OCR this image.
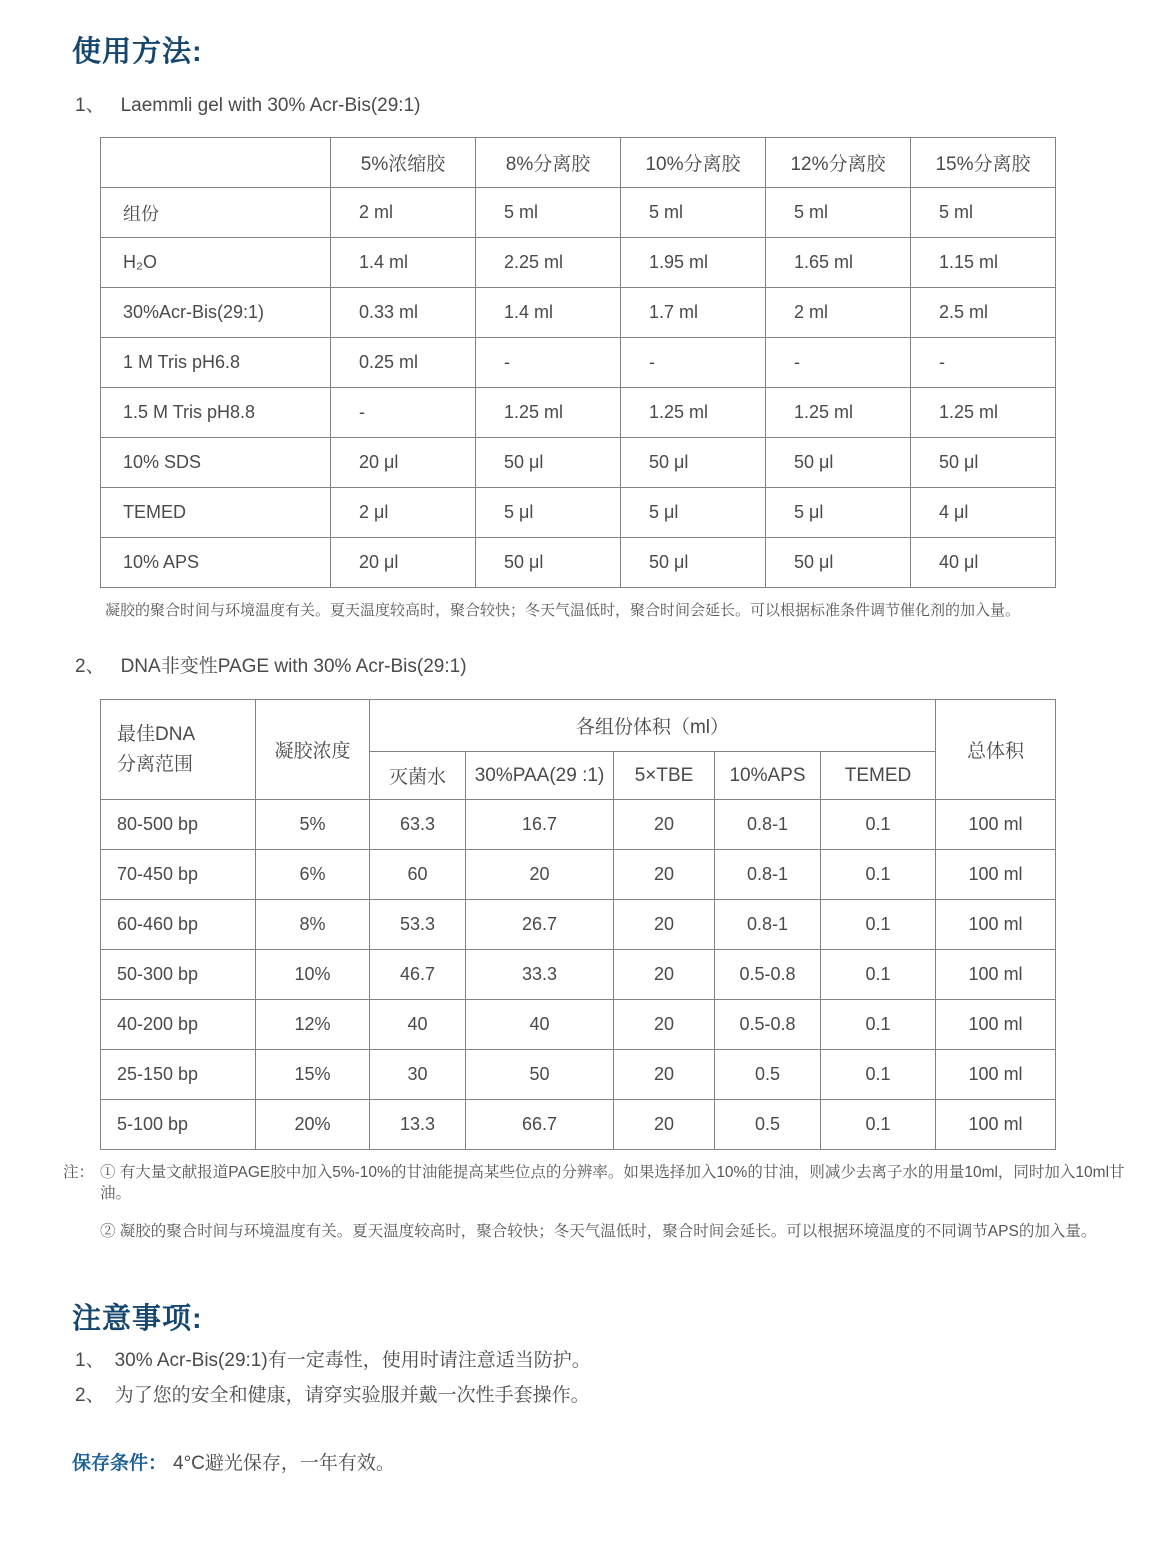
使用方法:
1、 Laemmli gel with 30% Acr-Bis(29:1)
	5%浓缩胶	8%分离胶	10%分离胶	12%分离胶	15%分离胶
组份	2 ml	5 ml	5 ml	5 ml	5 ml
H₂O	1.4 ml	2.25 ml	1.95 ml	1.65 ml	1.15 ml
30%Acr-Bis(29:1)	0.33 ml	1.4 ml	1.7 ml	2 ml	2.5 ml
1 M Tris pH6.8	0.25 ml	-	-	-	-
1.5 M Tris pH8.8	-	1.25 ml	1.25 ml	1.25 ml	1.25 ml
10% SDS	20 μl	50 μl	50 μl	50 μl	50 μl
TEMED	2 μl	5 μl	5 μl	5 μl	4 μl
10% APS	20 μl	50 μl	50 μl	50 μl	40 μl
凝胶的聚合时间与环境温度有关。夏天温度较高时，聚合较快；冬天气温低时，聚合时间会延长。可以根据标准条件调节催化剂的加入量。
2、 DNA非变性PAGE with 30% Acr-Bis(29:1)
最佳DNA
分离范围	凝胶浓度	各组份体积（ml）					总体积
		灭菌水	30%PAA(29 :1)	5×TBE	10%APS	TEMED	
80-500 bp	5%	63.3	16.7	20	0.8-1	0.1	100 ml
70-450 bp	6%	60	20	20	0.8-1	0.1	100 ml
60-460 bp	8%	53.3	26.7	20	0.8-1	0.1	100 ml
50-300 bp	10%	46.7	33.3	20	0.5-0.8	0.1	100 ml
40-200 bp	12%	40	40	20	0.5-0.8	0.1	100 ml
25-150 bp	15%	30	50	20	0.5	0.1	100 ml
5-100 bp	20%	13.3	66.7	20	0.5	0.1	100 ml
注： ① 有大量文献报道PAGE胶中加入5%-10%的甘油能提高某些位点的分辨率。如果选择加入10%的甘油，则减少去离子水的用量10ml，同时加入10ml甘油。
② 凝胶的聚合时间与环境温度有关。夏天温度较高时，聚合较快；冬天气温低时，聚合时间会延长。可以根据环境温度的不同调节APS的加入量。
注意事项:
1、 30% Acr-Bis(29:1)有一定毒性，使用时请注意适当防护。
2、 为了您的安全和健康，请穿实验服并戴一次性手套操作。
保存条件： 4°C避光保存，一年有效。
